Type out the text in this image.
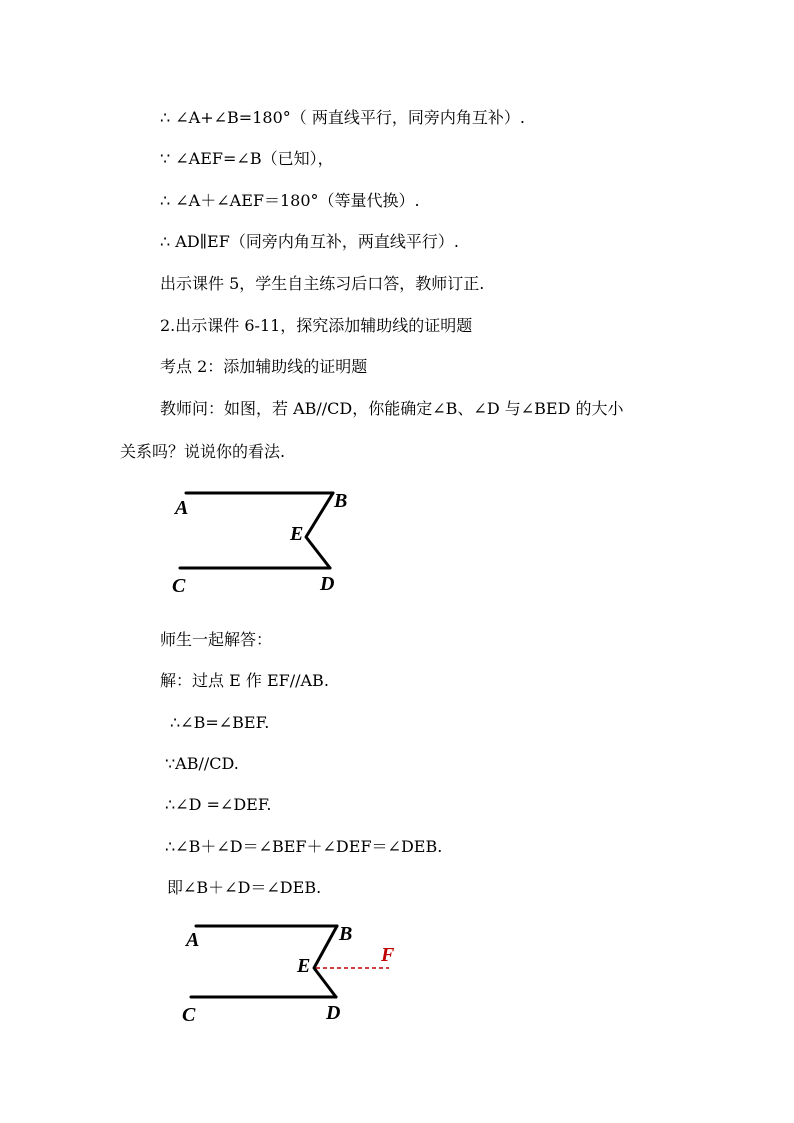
∴ ∠A+∠B=180°（ 两直线平行，同旁内角互补）.
∵ ∠AEF=∠B（已知），
∴ ∠A＋∠AEF＝180°（等量代换）.
∴ AD∥EF（同旁内角互补，两直线平行）.
出示课件 5，学生自主练习后口答，教师订正.
2.出示课件 6-11，探究添加辅助线的证明题
考点 2：添加辅助线的证明题
教师问：如图，若 AB//CD，你能确定∠B、∠D 与∠BED 的大小
关系吗？说说你的看法.
A	B
E
C	D
师生一起解答：
解：过点 E 作 EF//AB.
∴∠B=∠BEF.
∵AB//CD.
∴∠D =∠DEF.
∴∠B＋∠D＝∠BEF＋∠DEF＝∠DEB.
即∠B＋∠D＝∠DEB.
A	B
E	F
C	D
